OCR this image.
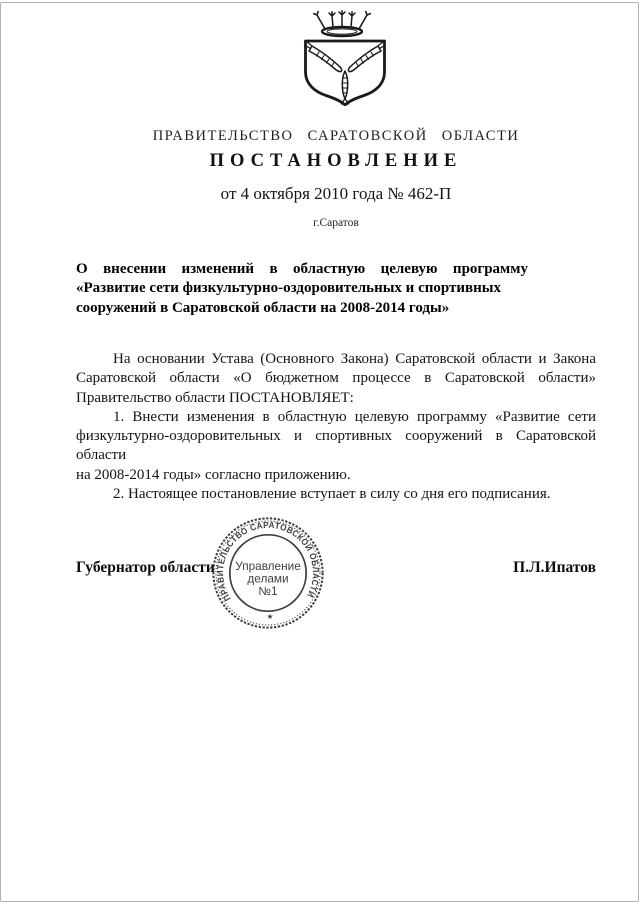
ПРАВИТЕЛЬСТВО САРАТОВСКОЙ ОБЛАСТИ
ПОСТАНОВЛЕНИЕ
от 4 октября 2010 года № 462-П
г.Саратов
О внесении изменений в областную целевую программу
«Развитие сети физкультурно-оздоровительных и спортивных
сооружений в Саратовской области на 2008-2014 годы»
На основании Устава (Основного Закона) Саратовской области и Закона
Саратовской области «О бюджетном процессе в Саратовской области»
Правительство области ПОСТАНОВЛЯЕТ:
1. Внести изменения в областную целевую программу «Развитие сети
физкультурно-оздоровительных и спортивных сооружений в Саратовской области
на 2008-2014 годы» согласно приложению.
2. Настоящее постановление вступает в силу со дня его подписания.
Губернатор области	П.Л.Ипатов
ПРАВИТЕЛЬСТВО САРАТОВСКОЙ ОБЛАСТИ
Управление
делами
№1
★
